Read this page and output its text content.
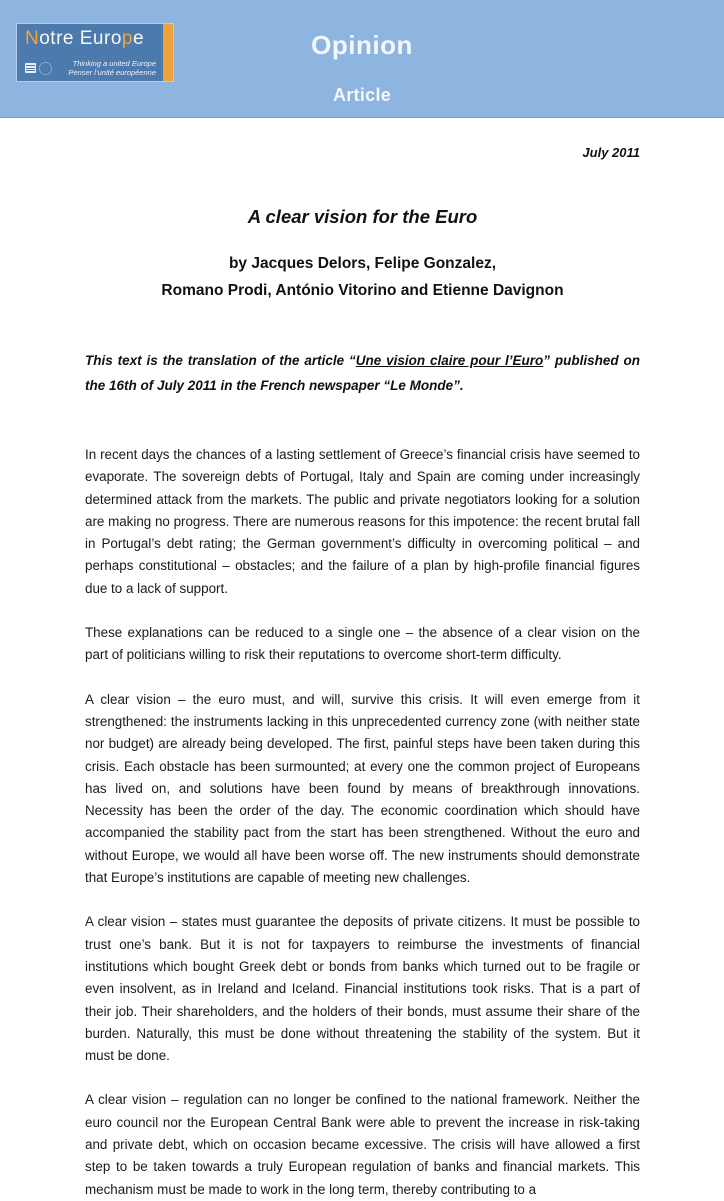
Notre Europe
Thinking a united Europe
Penser l’unité européenne
Opinion
Article
July 2011
A clear vision for the Euro
by Jacques Delors, Felipe Gonzalez,
Romano Prodi, António Vitorino and Etienne Davignon
This text is the translation of the article “Une vision claire pour l’Euro” published on the 16th of July 2011 in the French newspaper “Le Monde”.

In recent days the chances of a lasting settlement of Greece’s financial crisis have seemed to evaporate. The sovereign debts of Portugal, Italy and Spain are coming under increasingly determined attack from the markets. The public and private negotiators looking for a solution are making no progress. There are numerous reasons for this impotence: the recent brutal fall in Portugal’s debt rating; the German government’s difficulty in overcoming political – and perhaps constitutional – obstacles; and the failure of a plan by high-profile financial figures due to a lack of support.

These explanations can be reduced to a single one – the absence of a clear vision on the part of politicians willing to risk their reputations to overcome short-term difficulty.

A clear vision – the euro must, and will, survive this crisis. It will even emerge from it strengthened: the instruments lacking in this unprecedented currency zone (with neither state nor budget) are already being developed. The first, painful steps have been taken during this crisis. Each obstacle has been surmounted; at every one the common project of Europeans has lived on, and solutions have been found by means of breakthrough innovations. Necessity has been the order of the day. The economic coordination which should have accompanied the stability pact from the start has been strengthened. Without the euro and without Europe, we would all have been worse off. The new instruments should demonstrate that Europe’s institutions are capable of meeting new challenges.

A clear vision – states must guarantee the deposits of private citizens. It must be possible to trust one’s bank. But it is not for taxpayers to reimburse the investments of financial institutions which bought Greek debt or bonds from banks which turned out to be fragile or even insolvent, as in Ireland and Iceland. Financial institutions took risks. That is a part of their job. Their shareholders, and the holders of their bonds, must assume their share of the burden. Naturally, this must be done without threatening the stability of the system. But it must be done.

A clear vision – regulation can no longer be confined to the national framework. Neither the euro council nor the European Central Bank were able to prevent the increase in risk-taking and private debt, which on occasion became excessive. The crisis will have allowed a first step to be taken towards a truly European regulation of banks and financial markets. This mechanism must be made to work in the long term, thereby contributing to a
